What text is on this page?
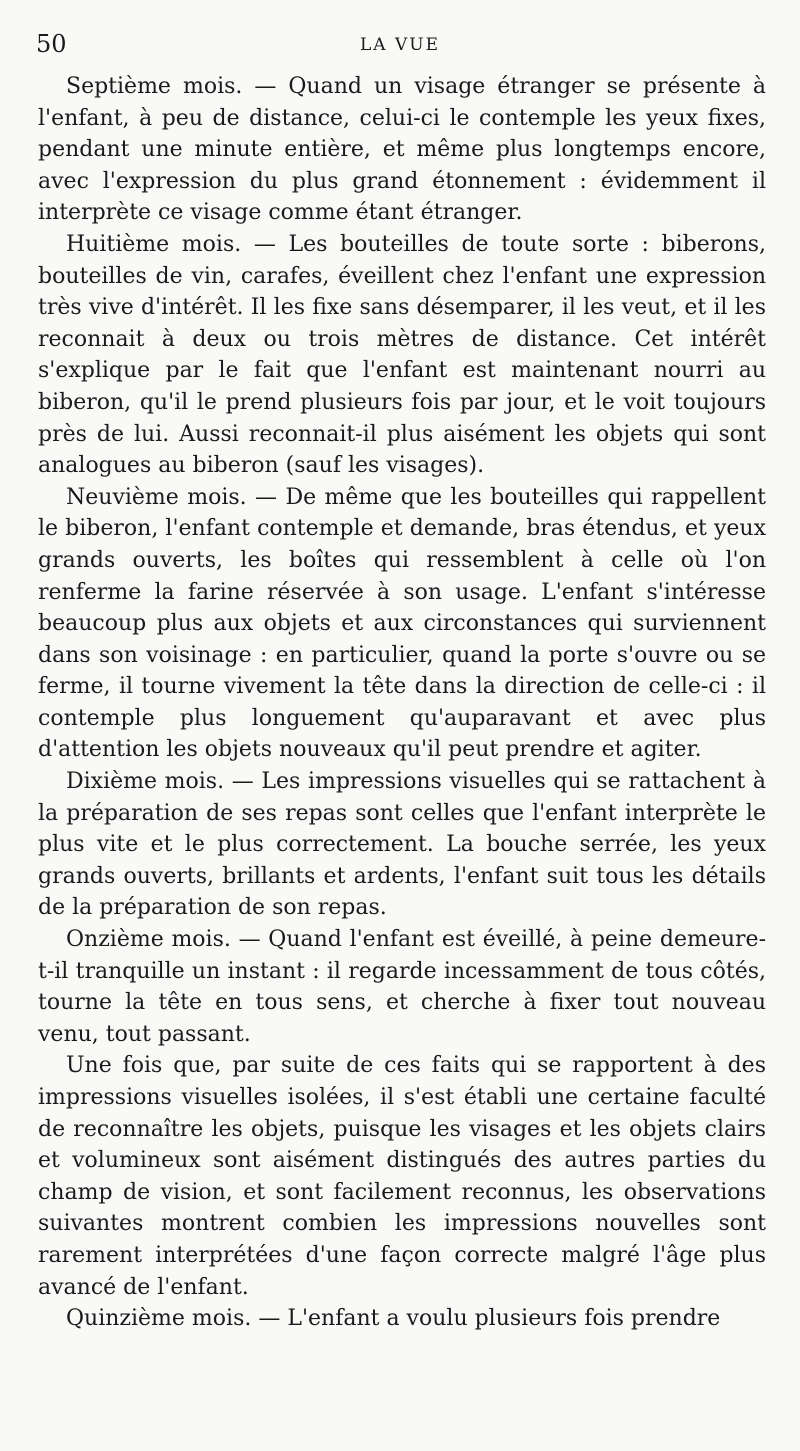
50	LA VUE

Septième mois. — Quand un visage étranger se présente à l'enfant, à peu de distance, celui-ci le contemple les yeux fixes, pendant une minute entière, et même plus longtemps encore, avec l'expression du plus grand étonnement : évidemment il interprète ce visage comme étant étranger.

Huitième mois. — Les bouteilles de toute sorte : biberons, bouteilles de vin, carafes, éveillent chez l'enfant une expression très vive d'intérêt. Il les fixe sans désemparer, il les veut, et il les reconnait à deux ou trois mètres de distance. Cet intérêt s'explique par le fait que l'enfant est maintenant nourri au biberon, qu'il le prend plusieurs fois par jour, et le voit toujours près de lui. Aussi reconnait-il plus aisément les objets qui sont analogues au biberon (sauf les visages).

Neuvième mois. — De même que les bouteilles qui rappellent le biberon, l'enfant contemple et demande, bras étendus, et yeux grands ouverts, les boîtes qui ressemblent à celle où l'on renferme la farine réservée à son usage. L'enfant s'intéresse beaucoup plus aux objets et aux circonstances qui surviennent dans son voisinage : en particulier, quand la porte s'ouvre ou se ferme, il tourne vivement la tête dans la direction de celle-ci : il contemple plus longuement qu'auparavant et avec plus d'attention les objets nouveaux qu'il peut prendre et agiter.

Dixième mois. — Les impressions visuelles qui se rattachent à la préparation de ses repas sont celles que l'enfant interprète le plus vite et le plus correctement. La bouche serrée, les yeux grands ouverts, brillants et ardents, l'enfant suit tous les détails de la préparation de son repas.

Onzième mois. — Quand l'enfant est éveillé, à peine demeure-t-il tranquille un instant : il regarde incessamment de tous côtés, tourne la tête en tous sens, et cherche à fixer tout nouveau venu, tout passant.

Une fois que, par suite de ces faits qui se rapportent à des impressions visuelles isolées, il s'est établi une certaine faculté de reconnaître les objets, puisque les visages et les objets clairs et volumineux sont aisément distingués des autres parties du champ de vision, et sont facilement reconnus, les observations suivantes montrent combien les impressions nouvelles sont rarement interprétées d'une façon correcte malgré l'âge plus avancé de l'enfant.

Quinzième mois. — L'enfant a voulu plusieurs fois prendre
